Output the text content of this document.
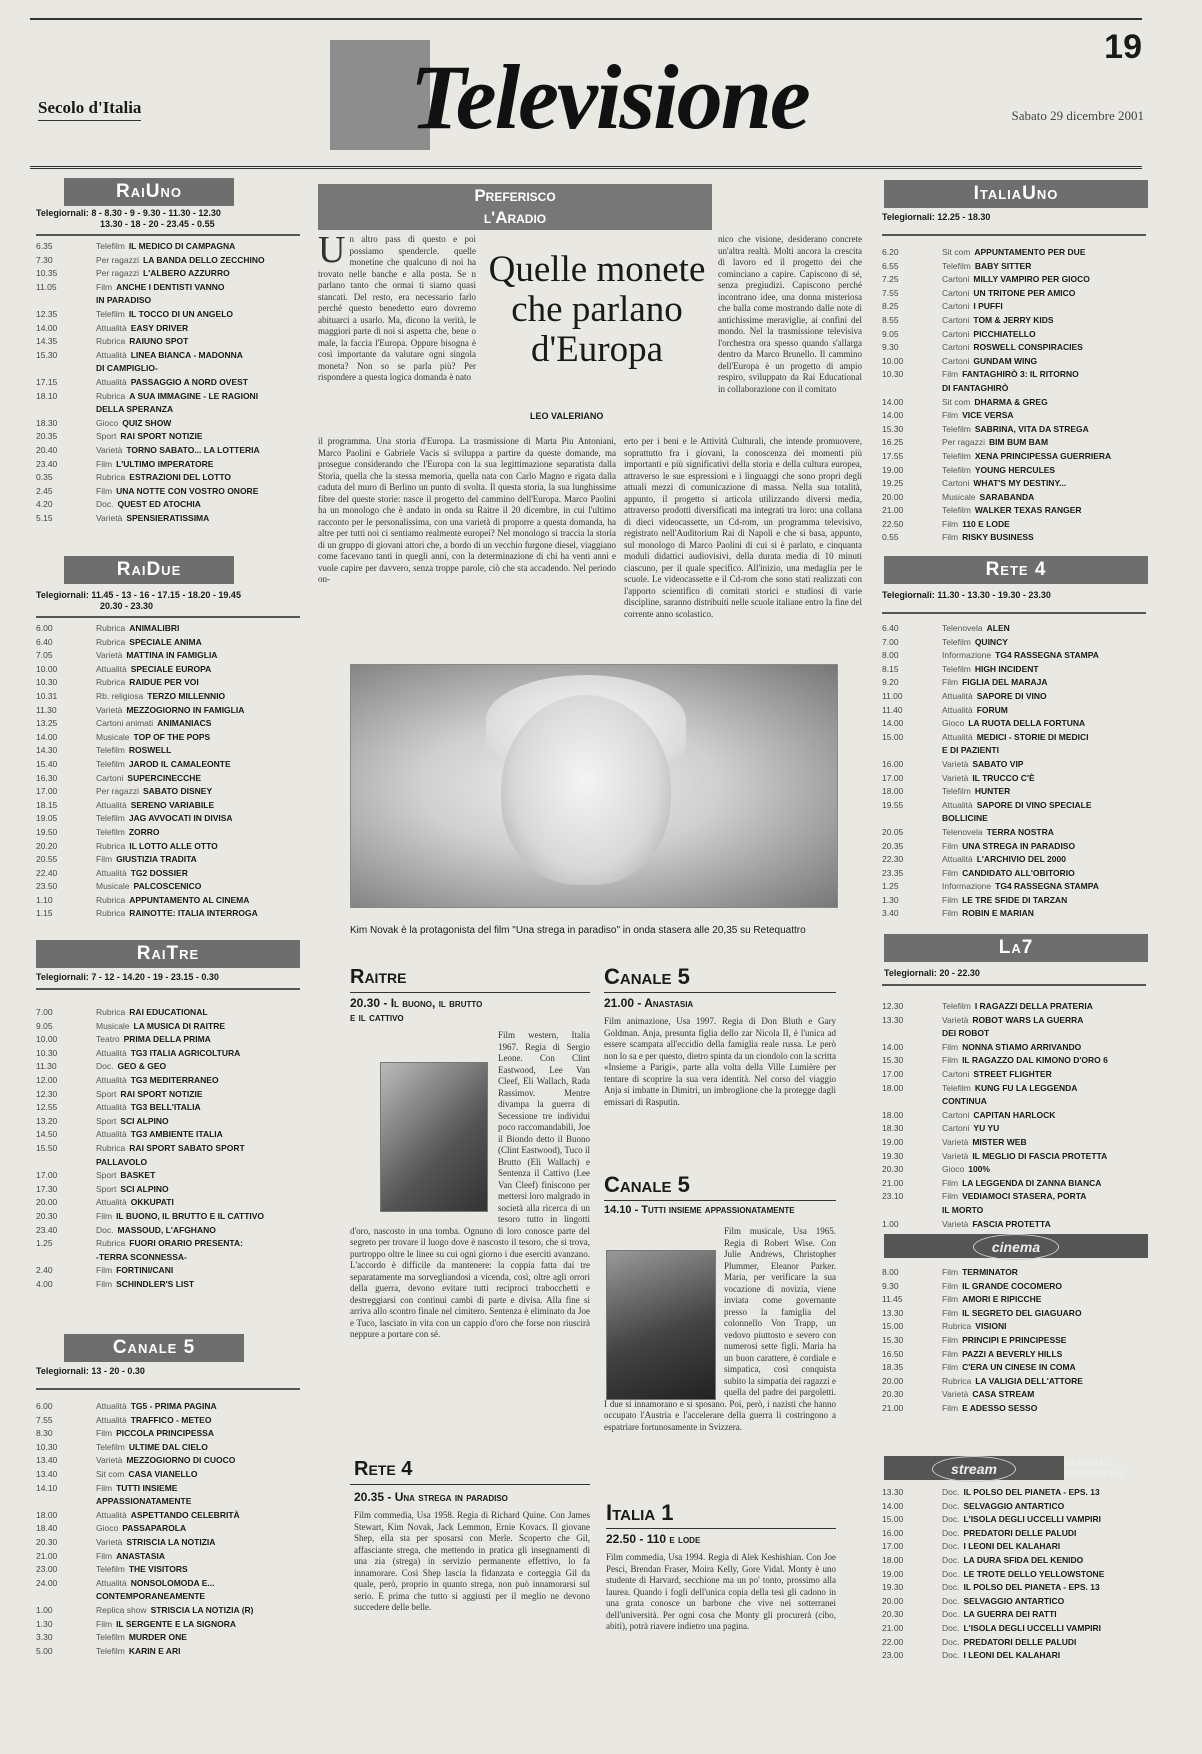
19
Secolo d'Italia	Televisione	Sabato 29 dicembre 2001
RaiUno
Telegiornali: 8 - 8.30 - 9 - 9.30 - 11.30 - 12.30
13.30 - 18 - 20 - 23.45 - 0.55
6.35	Telefilm IL MEDICO DI CAMPAGNA
7.30	Per ragazzi LA BANDA DELLO ZECCHINO
10.35	Per ragazzi L'ALBERO AZZURRO
11.05	Film ANCHE I DENTISTI VANNO
IN PARADISO
12.35	Telefilm IL TOCCO DI UN ANGELO
14.00	Attualità EASY DRIVER
14.35	Rubrica RAIUNO SPOT
15.30	Attualità LINEA BIANCA - MADONNA
DI CAMPIGLIO-
17.15	Attualità PASSAGGIO A NORD OVEST
18.10	Rubrica A SUA IMMAGINE - LE RAGIONI
DELLA SPERANZA
18.30	Gioco QUIZ SHOW
20.35	Sport RAI SPORT NOTIZIE
20.40	Varietà TORNO SABATO... LA LOTTERIA
23.40	Film L'ULTIMO IMPERATORE
0.35	Rubrica ESTRAZIONI DEL LOTTO
2.45	Film UNA NOTTE CON VOSTRO ONORE
4.20	Doc. QUEST ED ATOCHIA
5.15	Varietà SPENSIERATISSIMA
RaiDue
Telegiornali: 11.45 - 13 - 16 - 17.15 - 18.20 - 19.45
20.30 - 23.30
6.00	Rubrica ANIMALIBRI
6.40	Rubrica SPECIALE ANIMA
7.05	Varietà MATTINA IN FAMIGLIA
10.00	Attualità SPECIALE EUROPA
10.30	Rubrica RAIDUE PER VOI
10.31	Rb. religiosa TERZO MILLENNIO
11.30	Varietà MEZZOGIORNO IN FAMIGLIA
13.25	Cartoni animati ANIMANIACS
14.00	Musicale TOP OF THE POPS
14.30	Telefilm ROSWELL
15.40	Telefilm JAROD IL CAMALEONTE
16.30	Cartoni SUPERCINECCHE
17.00	Per ragazzi SABATO DISNEY
18.15	Attualità SERENO VARIABILE
19.05	Telefilm JAG AVVOCATI IN DIVISA
19.50	Telefilm ZORRO
20.20	Rubrica IL LOTTO ALLE OTTO
20.55	Film GIUSTIZIA TRADITA
22.40	Attualità TG2 DOSSIER
23.50	Musicale PALCOSCENICO
1.10	Rubrica APPUNTAMENTO AL CINEMA
1.15	Rubrica RAINOTTE: ITALIA INTERROGA
RaiTre
Telegiornali: 7 - 12 - 14.20 - 19 - 23.15 - 0.30
7.00	Rubrica RAI EDUCATIONAL
9.05	Musicale LA MUSICA DI RAITRE
10.00	Teatro PRIMA DELLA PRIMA
10.30	Attualità TG3 ITALIA AGRICOLTURA
11.30	Doc. GEO & GEO
12.00	Attualità TG3 MEDITERRANEO
12.30	Sport RAI SPORT NOTIZIE
12.55	Attualità TG3 BELL'ITALIA
13.20	Sport SCI ALPINO
14.50	Attualità TG3 AMBIENTE ITALIA
15.50	Rubrica RAI SPORT SABATO SPORT
PALLAVOLO
17.00	Sport BASKET
17.30	Sport SCI ALPINO
20.00	Attualità OKKUPATI
20.30	Film IL BUONO, IL BRUTTO E IL CATTIVO
23.40	Doc. MASSOUD, L'AFGHANO
1.25	Rubrica FUORI ORARIO PRESENTA:
-TERRA SCONNESSA-
2.40	Film FORTINI/CANI
4.00	Film SCHINDLER'S LIST
Canale 5
Telegiornali: 13 - 20 - 0.30
6.00	Attualità TG5 - PRIMA PAGINA
7.55	Attualità TRAFFICO - METEO
8.30	Film PICCOLA PRINCIPESSA
10.30	Telefilm ULTIME DAL CIELO
13.40	Varietà MEZZOGIORNO DI CUOCO
13.40	Sit com CASA VIANELLO
14.10	Film TUTTI INSIEME
APPASSIONATAMENTE
18.00	Attualità ASPETTANDO CELEBRITÀ
18.40	Gioco PASSAPAROLA
20.30	Varietà STRISCIA LA NOTIZIA
21.00	Film ANASTASIA
23.00	Telefilm THE VISITORS
24.00	Attualità NONSOLOMODA E...
CONTEMPORANEAMENTE
1.00	Replica show STRISCIA LA NOTIZIA (R)
1.30	Film IL SERGENTE E LA SIGNORA
3.30	Telefilm MURDER ONE
5.00	Telefilm KARIN E ARI
Preferisco
l'Aradio
Un altro pass di questo e poi possiamo spendercle. quelle monetine che qualcuno di noi ha trovato nelle banche e alla posta. Se n parlano tanto che ormai ti siamo quasi stancati. Del resto, era necessario farlo perché questo benedetto euro dovremo abituarci a usarlo. Ma, dicono la verità, le maggiori parte di noi si aspetta che, bene o male, la faccia l'Europa. Oppure bisogna è così importante da valutare ogni singola moneta? Non so se parla più? Per rispondere a questa logica domanda è nato
Quelle monete
che parlano
d'Europa
LEO VALERIANO
nico che visione, desiderano concrete un'altra realtà. Molti ancora la crescita di lavoro ed il progetto dei che cominciano a capire. Capiscono di sé, senza pregiudizi. Capiscono perché incontrano idee, una donna misteriosa che balla come mostrando dalle note di antichissime meraviglie, ai confini del mondo. Nel la trasmissione televisiva l'orchestra ora spesso quando s'allarga dentro da Marco Brunello. Il cammino dell'Europa è un progetto di ampio respiro, sviluppato da Rai Educational in collaborazione con il comitato
il programma. Una storia d'Europa. La trasmissione di Marta Piu Antoniani, Marco Paolini e Gabriele Vacis si sviluppa a partire da queste domande, ma prosegue considerando che l'Europa con la sua legittimazione separatista dalla Storia, quella che la stessa memoria, quella nata con Carlo Magno e rigata dalla caduta del muro di Berlino un punto di svolta. Il questa storia, la sua lunghissime fibre del queste storie: nasce il progetto del cammino dell'Europa. Marco Paolini ha un monologo che è andato in onda su Raitre il 20 dicembre, in cui l'ultimo racconto per le personalissima, con una varietà di proporre a questa domanda, ha altre per tutti noi ci sentiamo realmente europei? Nel monologo si traccia la storia di un gruppo di giovani attori che, a bordo di un vecchio furgone diesel, viaggiano come facevano tanti in quegli anni, con la determinazione di chi ha venti anni e vuole capire per davvero, senza troppe parole, ciò che sta accadendo. Nel periodo on-
erto per i beni e le Attività Culturali, che intende promuovere, soprattutto fra i giovani, la conoscenza dei momenti più importanti e più significativi della storia e della cultura europea, attraverso le sue espressioni e i linguaggi che sono propri degli attuali mezzi di comunicazione di massa. Nella sua totalità, appunto, il progetto si articola utilizzando diversi media, attraverso prodotti diversificati ma integrati tra loro: una collana di dieci videocassette, un Cd-rom, un programma televisivo, registrato nell'Auditorium Rai di Napoli e che si basa, appunto, sul monologo di Marco Paolini di cui si è parlato, e cinquanta moduli didattici audiovisivi, della durata media di 10 minuti ciascuno, per il quale specifico. All'inizio, una medaglia per le scuole. Le videocassette e il Cd-rom che sono stati realizzati con l'apporto scientifico di comitati storici e studiosi di varie discipline, saranno distribuiti nelle scuole italiane entro la fine del corrente anno scolastico.
Kim Novak è la protagonista del film "Una strega in paradiso" in onda stasera alle 20,35 su Retequattro
Raitre
20.30 - Il buono, il brutto
e il cattivo
Film western, Italia 1967. Regia di Sergio Leone. Con Clint Eastwood, Lee Van Cleef, Eli Wallach, Rada Rassimov. Mentre divampa la guerra di Secessione tre individui poco raccomandabili, Joe il Biondo detto il Buono (Clint Eastwood), Tuco il Brutto (Eli Wallach) e Sentenza il Cattivo (Lee Van Cleef) finiscono per mettersi loro malgrado in società alla ricerca di un tesoro tutto in lingotti d'oro, nascosto in una tomba. Ognuno di loro conosce parte del segreto per trovare il luogo dove è nascosto il tesoro, che si trova, purtroppo oltre le linee su cui ogni giorno i due eserciti avanzano. L'accordo è difficile da mantenere: la coppia fatta dai tre separatamente ma sorvegliandosi a vicenda, così, oltre agli orrori della guerra, devono evitare tutti reciproci trabocchetti e destreggiarsi con continui cambi di parte e divisa. Alla fine si arriva allo scontro finale nel cimitero. Sentenza è eliminato da Joe e Tuco, lasciato in vita con un cappio d'oro che forse non riuscirà neppure a portare con sé.
Rete 4
20.35 - Una strega in paradiso
Film commedia, Usa 1958. Regia di Richard Quine. Con James Stewart, Kim Novak, Jack Lemmon, Ernie Kovacs. Il giovane Shep, ella sta per sposarsi con Merle. Scoperto che Gil, affasciante strega, che mettendo in pratica gli insegnamenti di una zia (strega) in servizio permanente effettivo, lo fa innamorare. Così Shep lascia la fidanzata e corteggia Gil da quale, però, proprio in quanto strega, non può innamorarsi sul serio. E prima che tutto si aggiusti per il meglio ne devono succedere delle belle.
Canale 5
21.00 - Anastasia
Film animazione, Usa 1997. Regia di Don Bluth e Gary Goldman. Anja, presunta figlia dello zar Nicola II, è l'unica ad essere scampata all'eccidio della famiglia reale russa. Le però non lo sa e per questo, dietro spinta da un ciondolo con la scritta «Insieme a Parigi», parte alla volta della Ville Lumière per tentare di scoprire la sua vera identità. Nel corso del viaggio Anja si imbatte in Dimitri, un imbroglione che la protegge dagli emissari di Rasputin.
Canale 5
14.10 - Tutti insieme appassionatamente
Film musicale, Usa 1965. Regia di Robert Wise. Con Julie Andrews, Christopher Plummer, Eleanor Parker. Maria, per verificare la sua vocazione di novizia, viene inviata come governante presso la famiglia del colonnello Von Trapp, un vedovo piuttosto e severo con numerosi sette figli. Maria ha un buon carattere, è cordiale e simpatica, così conquista subito la simpatia dei ragazzi e quella del padre dei pargoletti. I due si innamorano e si sposano. Poi, però, i nazisti che hanno occupato l'Austria e l'accelerare della guerra li costringono a espatriare fortunosamente in Svizzera.
Italia 1
22.50 - 110 e lode
Film commedia, Usa 1994. Regia di Alek Keshishian. Con Joe Pesci, Brendan Fraser, Moira Kelly, Gore Vidal. Monty è uno studente di Harvard, secchione ma un po' tonto, prossimo alla laurea. Quando i fogli dell'unica copia della tesi gli cadono in una grata conosce un barbone che vive nei sotterranei dell'università. Per ogni cosa che Monty gli procurerà (cibo, abiti), potrà riavere indietro una pagina.
ItaliaUno
Telegiornali: 12.25 - 18.30
6.20	Sit com APPUNTAMENTO PER DUE
6.55	Telefilm BABY SITTER
7.25	Cartoni MILLY VAMPIRO PER GIOCO
7.55	Cartoni UN TRITONE PER AMICO
8.25	Cartoni I PUFFI
8.55	Cartoni TOM & JERRY KIDS
9.05	Cartoni PICCHIATELLO
9.30	Cartoni ROSWELL CONSPIRACIES
10.00	Cartoni GUNDAM WING
10.30	Film FANTAGHIRÒ 3: IL RITORNO
DI FANTAGHIRÒ
14.00	Sit com DHARMA & GREG
14.00	Film VICE VERSA
15.30	Telefilm SABRINA, VITA DA STREGA
16.25	Per ragazzi BIM BUM BAM
17.55	Telefilm XENA PRINCIPESSA GUERRIERA
19.00	Telefilm YOUNG HERCULES
19.25	Cartoni WHAT'S MY DESTINY...
20.00	Musicale SARABANDA
21.00	Telefilm WALKER TEXAS RANGER
22.50	Film 110 E LODE
0.55	Film RISKY BUSINESS
Rete 4
Telegiornali: 11.30 - 13.30 - 19.30 - 23.30
6.40	Telenovela ALEN
7.00	Telefilm QUINCY
8.00	Informazione TG4 RASSEGNA STAMPA
8.15	Telefilm HIGH INCIDENT
9.20	Film FIGLIA DEL MARAJA
11.00	Attualità SAPORE DI VINO
11.40	Attualità FORUM
14.00	Gioco LA RUOTA DELLA FORTUNA
15.00	Attualità MEDICI - STORIE DI MEDICI
E DI PAZIENTI
16.00	Varietà SABATO VIP
17.00	Varietà IL TRUCCO C'È
18.00	Telefilm HUNTER
19.55	Attualità SAPORE DI VINO SPECIALE
BOLLICINE
20.05	Telenovela TERRA NOSTRA
20.35	Film UNA STREGA IN PARADISO
22.30	Attualità L'ARCHIVIO DEL 2000
23.35	Film CANDIDATO ALL'OBITORIO
1.25	Informazione TG4 RASSEGNA STAMPA
1.30	Film LE TRE SFIDE DI TARZAN
3.40	Film ROBIN E MARIAN
La7
Telegiornali: 20 - 22.30
12.30	Telefilm I RAGAZZI DELLA PRATERIA
13.30	Varietà ROBOT WARS LA GUERRA
DEI ROBOT
14.00	Film NONNA STIAMO ARRIVANDO
15.30	Film IL RAGAZZO DAL KIMONO D'ORO 6
17.00	Cartoni STREET FLIGHTER
18.00	Telefilm KUNG FU LA LEGGENDA
CONTINUA
18.00	Cartoni CAPITAN HARLOCK
18.30	Cartoni YU YU
19.00	Varietà MISTER WEB
19.30	Varietà IL MEGLIO DI FASCIA PROTETTA
20.30	Gioco 100%
21.00	Film LA LEGGENDA DI ZANNA BIANCA
23.10	Film VEDIAMOCI STASERA, PORTA
IL MORTO
1.00	Varietà FASCIA PROTETTA
cinema
8.00	Film TERMINATOR
9.30	Film IL GRANDE COCOMERO
11.45	Film AMORI E RIPICCHE
13.30	Film IL SEGRETO DEL GIAGUARO
15.00	Rubrica VISIONI
15.30	Film PRINCIPI E PRINCIPESSE
16.50	Film PAZZI A BEVERLY HILLS
18.35	Film C'ERA UN CINESE IN COMA
20.00	Rubrica LA VALIGIA DELL'ATTORE
20.30	Varietà CASA STREAM
21.00	Film E ADESSO SESSO
stream	NATIONAL GEOGRAPHIC
13.30	Doc. IL POLSO DEL PIANETA - EPS. 13
14.00	Doc. SELVAGGIO ANTARTICO
15.00	Doc. L'ISOLA DEGLI UCCELLI VAMPIRI
16.00	Doc. PREDATORI DELLE PALUDI
17.00	Doc. I LEONI DEL KALAHARI
18.00	Doc. LA DURA SFIDA DEL KENIDO
19.00	Doc. LE TROTE DELLO YELLOWSTONE
19.30	Doc. IL POLSO DEL PIANETA - EPS. 13
20.00	Doc. SELVAGGIO ANTARTICO
20.30	Doc. LA GUERRA DEI RATTI
21.00	Doc. L'ISOLA DEGLI UCCELLI VAMPIRI
22.00	Doc. PREDATORI DELLE PALUDI
23.00	Doc. I LEONI DEL KALAHARI
